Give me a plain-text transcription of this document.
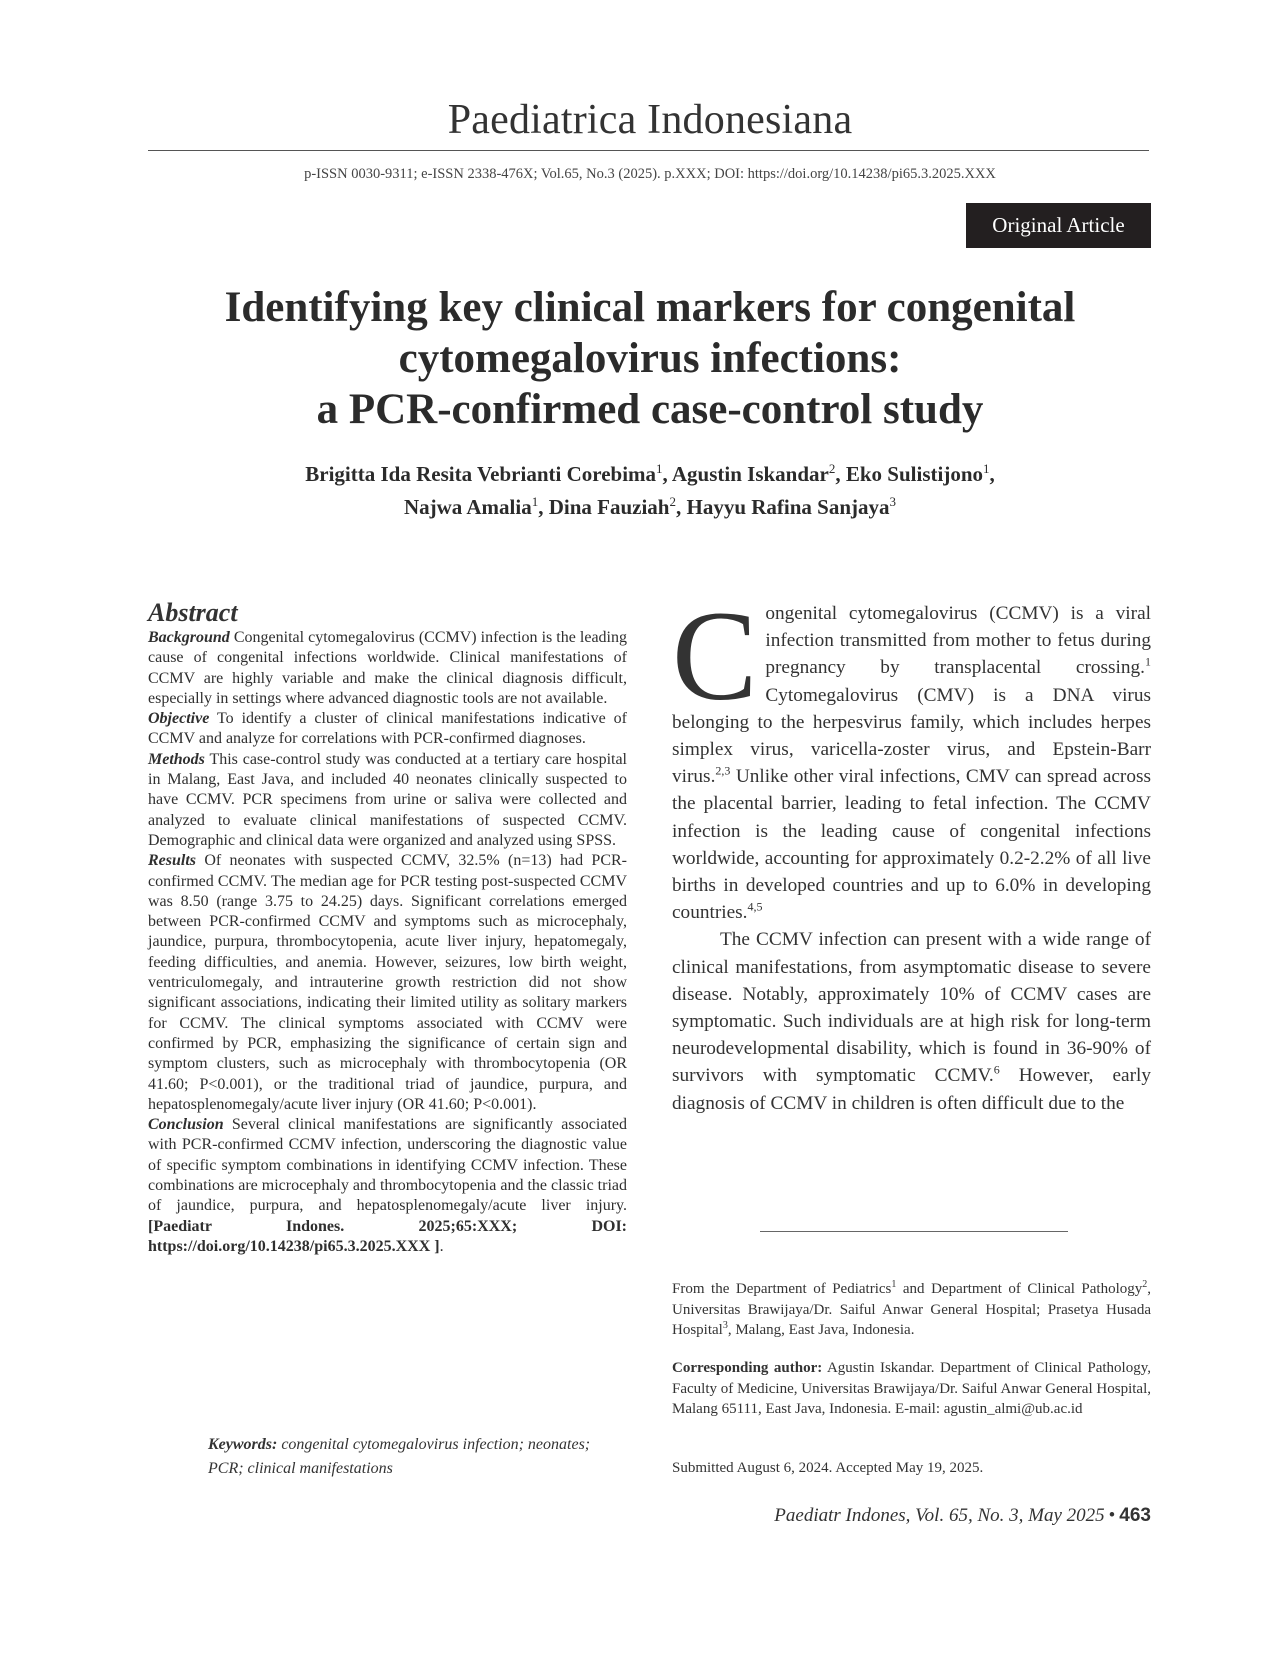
Paediatrica Indonesiana
p-ISSN 0030-9311; e-ISSN 2338-476X; Vol.65, No.3 (2025). p.XXX; DOI: https://doi.org/10.14238/pi65.3.2025.XXX
Original Article
Identifying key clinical markers for congenital
cytomegalovirus infections:
a PCR-confirmed case-control study
Brigitta Ida Resita Vebrianti Corebima$^1$, Agustin Iskandar$^2$, Eko Sulistijono$^1$,
Najwa Amalia$^1$, Dina Fauziah$^2$, Hayyu Rafina Sanjaya$^3$
Abstract

Background Congenital cytomegalovirus (CCMV) infection is the leading cause of congenital infections worldwide. Clinical manifestations of CCMV are highly variable and make the clinical diagnosis difficult, especially in settings where advanced diagnostic tools are not available.

Objective To identify a cluster of clinical manifestations indicative of CCMV and analyze for correlations with PCR-confirmed diagnoses.

Methods This case-control study was conducted at a tertiary care hospital in Malang, East Java, and included 40 neonates clinically suspected to have CCMV. PCR specimens from urine or saliva were collected and analyzed to evaluate clinical manifestations of suspected CCMV. Demographic and clinical data were organized and analyzed using SPSS.

Results Of neonates with suspected CCMV, 32.5% (n=13) had PCR-confirmed CCMV. The median age for PCR testing post-suspected CCMV was 8.50 (range 3.75 to 24.25) days. Significant correlations emerged between PCR-confirmed CCMV and symptoms such as microcephaly, jaundice, purpura, thrombocytopenia, acute liver injury, hepatomegaly, feeding difficulties, and anemia. However, seizures, low birth weight, ventriculomegaly, and intrauterine growth restriction did not show significant associations, indicating their limited utility as solitary markers for CCMV. The clinical symptoms associated with CCMV were confirmed by PCR, emphasizing the significance of certain sign and symptom clusters, such as microcephaly with thrombocytopenia (OR 41.60; P<0.001), or the traditional triad of jaundice, purpura, and hepatosplenomegaly/acute liver injury (OR 41.60; P<0.001).

Conclusion Several clinical manifestations are significantly associated with PCR-confirmed CCMV infection, underscoring the diagnostic value of specific symptom combinations in identifying CCMV infection. These combinations are microcephaly and thrombocytopenia and the classic triad of jaundice, purpura, and hepatosplenomegaly/acute liver injury. [Paediatr Indones. 2025;65:XXX; DOI: https://doi.org/10.14238/pi65.3.2025.XXX ].

Keywords: congenital cytomegalovirus infection; neonates; PCR; clinical manifestations

Congenital cytomegalovirus (CCMV) is a viral infection transmitted from mother to fetus during pregnancy by transplacental crossing.$^1$ Cytomegalovirus (CMV) is a DNA virus belonging to the herpesvirus family, which includes herpes simplex virus, varicella-zoster virus, and Epstein-Barr virus.$^{2,3}$ Unlike other viral infections, CMV can spread across the placental barrier, leading to fetal infection. The CCMV infection is the leading cause of congenital infections worldwide, accounting for approximately 0.2-2.2% of all live births in developed countries and up to 6.0% in developing countries.$^{4,5}$

The CCMV infection can present with a wide range of clinical manifestations, from asymptomatic disease to severe disease. Notably, approximately 10% of CCMV cases are symptomatic. Such individuals are at high risk for long-term neurodevelopmental disability, which is found in 36-90% of survivors with symptomatic CCMV.$^6$ However, early diagnosis of CCMV in children is often difficult due to the

From the Department of Pediatrics$^1$ and Department of Clinical Pathology$^2$, Universitas Brawijaya/Dr. Saiful Anwar General Hospital; Prasetya Husada Hospital$^3$, Malang, East Java, Indonesia.
Corresponding author: Agustin Iskandar. Department of Clinical Pathology, Faculty of Medicine, Universitas Brawijaya/Dr. Saiful Anwar General Hospital, Malang 65111, East Java, Indonesia. E-mail: agustin_almi@ub.ac.id
Submitted August 6, 2024. Accepted May 19, 2025.
Paediatr Indones, Vol. 65, No. 3, May 2025 • 463
